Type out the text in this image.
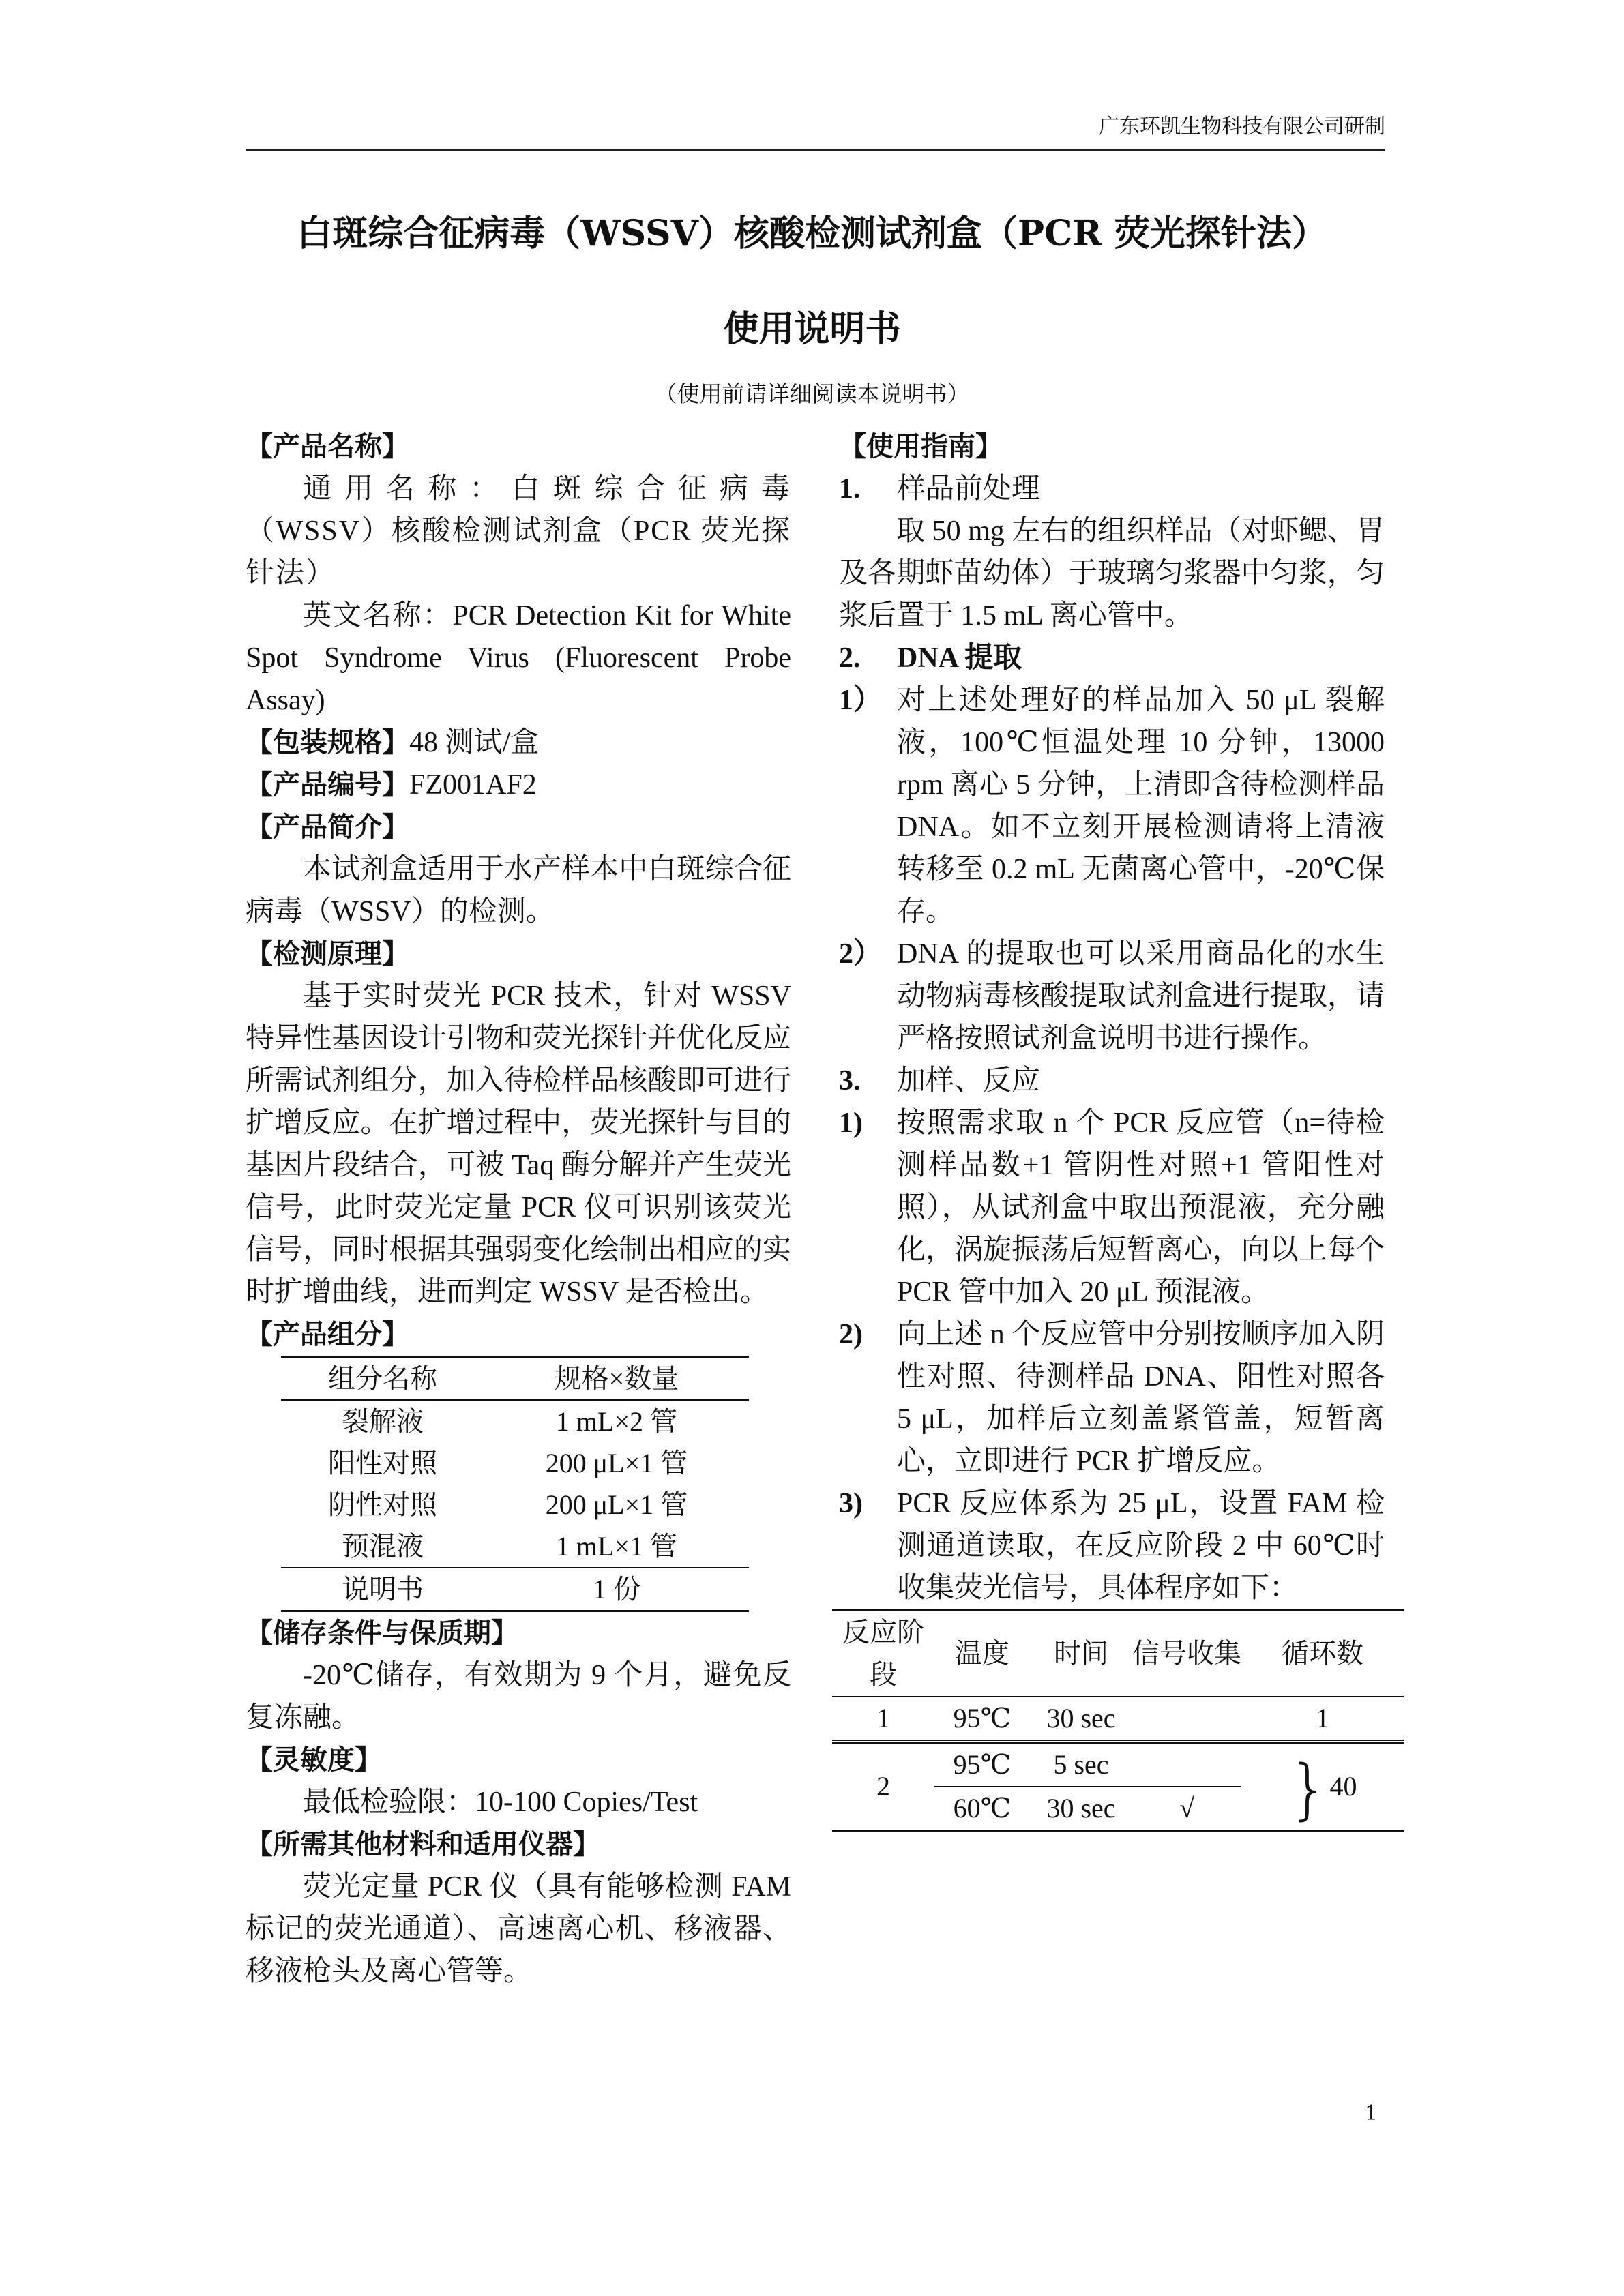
广东环凯生物科技有限公司研制
白斑综合征病毒（WSSV）核酸检测试剂盒（PCR 荧光探针法）
使用说明书
（使用前请详细阅读本说明书）
【产品名称】
通用名称：白斑综合征病毒（WSSV）核酸检测试剂盒（PCR 荧光探针法）
英文名称：PCR Detection Kit for White Spot Syndrome Virus (Fluorescent Probe Assay)
【包装规格】48 测试/盒
【产品编号】FZ001AF2
【产品简介】
本试剂盒适用于水产样本中白斑综合征病毒（WSSV）的检测。
【检测原理】
基于实时荧光 PCR 技术，针对 WSSV 特异性基因设计引物和荧光探针并优化反应所需试剂组分，加入待检样品核酸即可进行扩增反应。在扩增过程中，荧光探针与目的基因片段结合，可被 Taq 酶分解并产生荧光信号，此时荧光定量 PCR 仪可识别该荧光信号，同时根据其强弱变化绘制出相应的实时扩增曲线，进而判定 WSSV 是否检出。
【产品组分】
组分名称	规格×数量
裂解液	1 mL×2 管
阳性对照	200 μL×1 管
阴性对照	200 μL×1 管
预混液	1 mL×1 管
说明书	1 份
【储存条件与保质期】
-20℃储存，有效期为 9 个月，避免反复冻融。
【灵敏度】
最低检验限：10-100 Copies/Test
【所需其他材料和适用仪器】
荧光定量 PCR 仪（具有能够检测 FAM 标记的荧光通道）、高速离心机、移液器、移液枪头及离心管等。
【使用指南】
1.	样品前处理
取 50 mg 左右的组织样品（对虾鳃、胃及各期虾苗幼体）于玻璃匀浆器中匀浆，匀浆后置于 1.5 mL 离心管中。
2.	DNA 提取
1） 对上述处理好的样品加入 50 μL 裂解液，100℃恒温处理 10 分钟，13000 rpm 离心 5 分钟，上清即含待检测样品 DNA。如不立刻开展检测请将上清液转移至 0.2 mL 无菌离心管中，-20℃保存。
2） DNA 的提取也可以采用商品化的水生动物病毒核酸提取试剂盒进行提取，请严格按照试剂盒说明书进行操作。
3.	加样、反应
1)	按照需求取 n 个 PCR 反应管（n=待检测样品数+1 管阴性对照+1 管阳性对照），从试剂盒中取出预混液，充分融化，涡旋振荡后短暂离心，向以上每个 PCR 管中加入 20 μL 预混液。
2)	向上述 n 个反应管中分别按顺序加入阴性对照、待测样品 DNA、阳性对照各 5 μL，加样后立刻盖紧管盖，短暂离心，立即进行 PCR 扩增反应。
3)	PCR 反应体系为 25 μL，设置 FAM 检测通道读取，在反应阶段 2 中 60℃时收集荧光信号，具体程序如下：
反应阶段	温度	时间	信号收集	循环数
1	95℃	30 sec		1
2	95℃	5 sec		}40
	60℃	30 sec	√	
1
